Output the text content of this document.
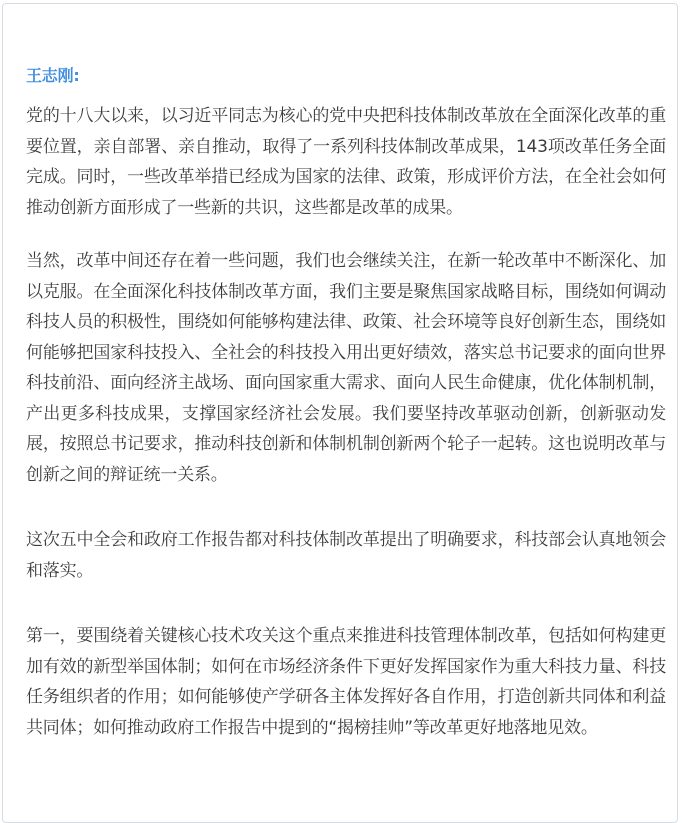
王志刚:

党的十八大以来，以习近平同志为核心的党中央把科技体制改革放在全面深化改革的重要位置，亲自部署、亲自推动，取得了一系列科技体制改革成果，143项改革任务全面完成。同时，一些改革举措已经成为国家的法律、政策，形成评价方法，在全社会如何推动创新方面形成了一些新的共识，这些都是改革的成果。

当然，改革中间还存在着一些问题，我们也会继续关注，在新一轮改革中不断深化、加以克服。在全面深化科技体制改革方面，我们主要是聚焦国家战略目标，围绕如何调动科技人员的积极性，围绕如何能够构建法律、政策、社会环境等良好创新生态，围绕如何能够把国家科技投入、全社会的科技投入用出更好绩效，落实总书记要求的面向世界科技前沿、面向经济主战场、面向国家重大需求、面向人民生命健康，优化体制机制，产出更多科技成果，支撑国家经济社会发展。我们要坚持改革驱动创新，创新驱动发展，按照总书记要求，推动科技创新和体制机制创新两个轮子一起转。这也说明改革与创新之间的辩证统一关系。

这次五中全会和政府工作报告都对科技体制改革提出了明确要求，科技部会认真地领会和落实。

第一，要围绕着关键核心技术攻关这个重点来推进科技管理体制改革，包括如何构建更加有效的新型举国体制；如何在市场经济条件下更好发挥国家作为重大科技力量、科技任务组织者的作用；如何能够使产学研各主体发挥好各自作用，打造创新共同体和利益共同体；如何推动政府工作报告中提到的“揭榜挂帅”等改革更好地落地见效。
